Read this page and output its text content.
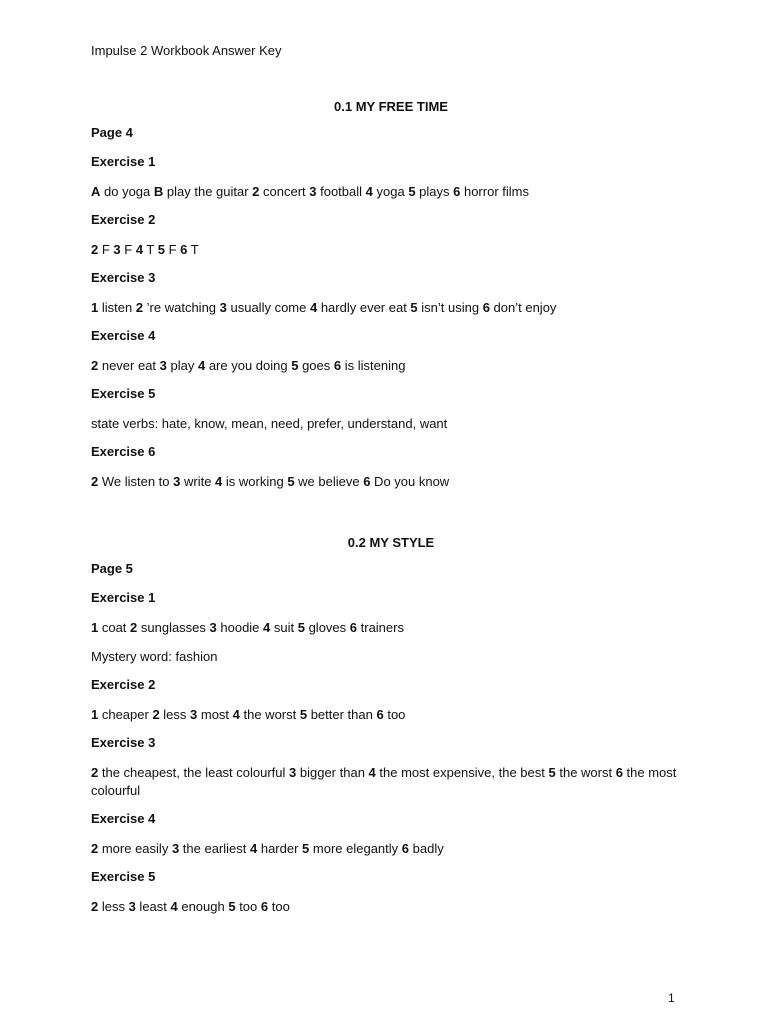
Impulse 2 Workbook Answer Key
0.1 MY FREE TIME
Page 4
Exercise 1
A do yoga B play the guitar 2 concert 3 football 4 yoga 5 plays 6 horror films
Exercise 2
2 F 3 F 4 T 5 F 6 T
Exercise 3
1 listen 2 ’re watching 3 usually come 4 hardly ever eat 5 isn’t using 6 don’t enjoy
Exercise 4
2 never eat 3 play 4 are you doing 5 goes 6 is listening
Exercise 5
state verbs: hate, know, mean, need, prefer, understand, want
Exercise 6
2 We listen to 3 write 4 is working 5 we believe 6 Do you know
0.2 MY STYLE
Page 5
Exercise 1
1 coat 2 sunglasses 3 hoodie 4 suit 5 gloves 6 trainers
Mystery word: fashion
Exercise 2
1 cheaper 2 less 3 most 4 the worst 5 better than 6 too
Exercise 3
2 the cheapest, the least colourful 3 bigger than 4 the most expensive, the best 5 the worst 6 the most colourful
Exercise 4
2 more easily 3 the earliest 4 harder 5 more elegantly 6 badly
Exercise 5
2 less 3 least 4 enough 5 too 6 too
1
